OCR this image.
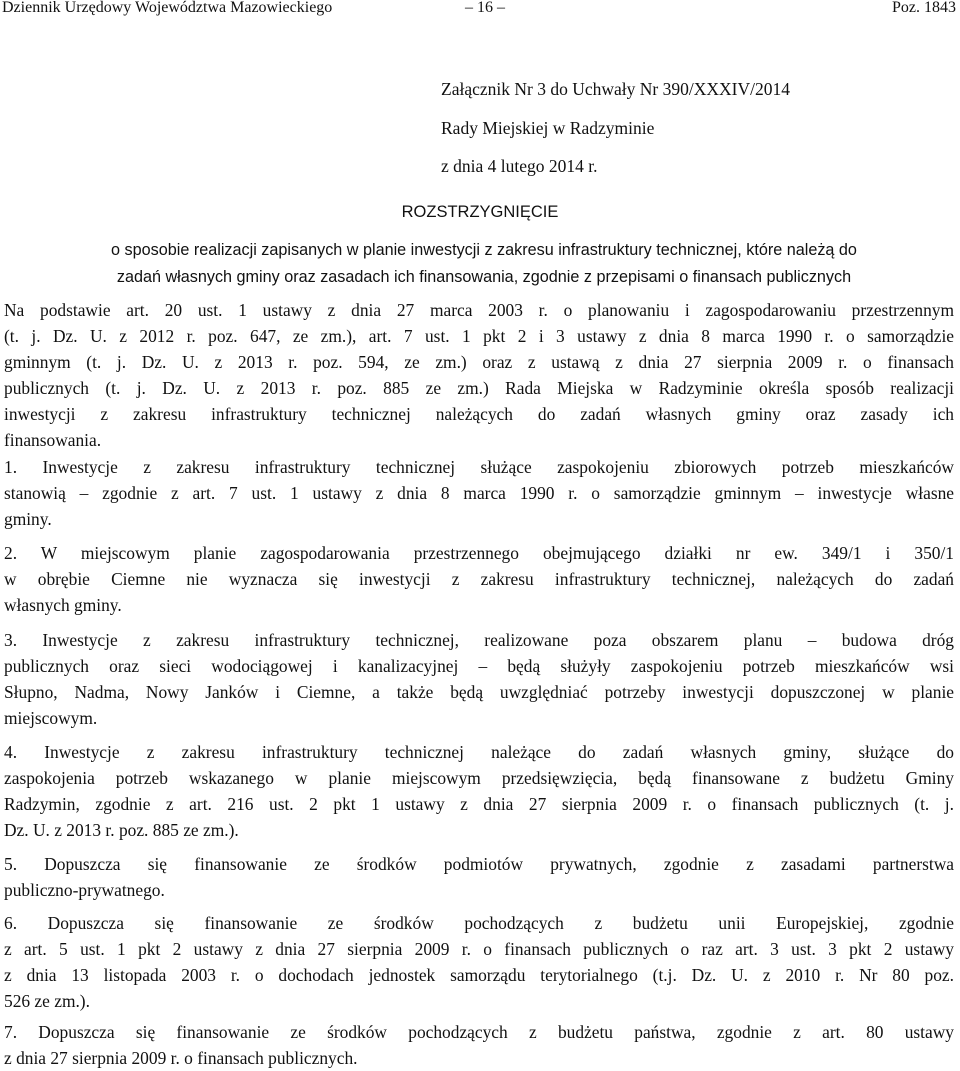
Dziennik Urzędowy Województwa Mazowieckiego	– 16 –	Poz. 1843
Załącznik Nr 3 do Uchwały Nr 390/XXXIV/2014
Rady Miejskiej w Radzyminie
z dnia 4 lutego 2014 r.
ROZSTRZYGNIĘCIE
o sposobie realizacji zapisanych w planie inwestycji z zakresu infrastruktury technicznej, które należą do
zadań własnych gminy oraz zasadach ich finansowania, zgodnie z przepisami o finansach publicznych
Na podstawie art. 20 ust. 1 ustawy z dnia 27 marca 2003 r. o planowaniu i zagospodarowaniu przestrzennym
(t. j. Dz. U. z 2012 r. poz. 647, ze zm.), art. 7 ust. 1 pkt 2 i 3 ustawy z dnia 8 marca 1990 r. o samorządzie
gminnym (t. j. Dz. U. z 2013 r. poz. 594, ze zm.) oraz z ustawą z dnia 27 sierpnia 2009 r. o finansach
publicznych (t. j. Dz. U. z 2013 r. poz. 885 ze zm.) Rada Miejska w Radzyminie określa sposób realizacji
inwestycji z zakresu infrastruktury technicznej należących do zadań własnych gminy oraz zasady ich
finansowania.
1. Inwestycje z zakresu infrastruktury technicznej służące zaspokojeniu zbiorowych potrzeb mieszkańców
stanowią – zgodnie z art. 7 ust. 1 ustawy z dnia 8 marca 1990 r. o samorządzie gminnym – inwestycje własne
gminy.
2. W miejscowym planie zagospodarowania przestrzennego obejmującego działki nr ew. 349/1 i 350/1
w obrębie Ciemne nie wyznacza się inwestycji z zakresu infrastruktury technicznej, należących do zadań
własnych gminy.
3. Inwestycje z zakresu infrastruktury technicznej, realizowane poza obszarem planu – budowa dróg
publicznych oraz sieci wodociągowej i kanalizacyjnej – będą służyły zaspokojeniu potrzeb mieszkańców wsi
Słupno, Nadma, Nowy Janków i Ciemne, a także będą uwzględniać potrzeby inwestycji dopuszczonej w planie
miejscowym.
4. Inwestycje z zakresu infrastruktury technicznej należące do zadań własnych gminy, służące do
zaspokojenia potrzeb wskazanego w planie miejscowym przedsięwzięcia, będą finansowane z budżetu Gminy
Radzymin, zgodnie z art. 216 ust. 2 pkt 1 ustawy z dnia 27 sierpnia 2009 r. o finansach publicznych (t. j.
Dz. U. z 2013 r. poz. 885 ze zm.).
5. Dopuszcza się finansowanie ze środków podmiotów prywatnych, zgodnie z zasadami partnerstwa
publiczno-prywatnego.
6. Dopuszcza się finansowanie ze środków pochodzących z budżetu unii Europejskiej, zgodnie
z art. 5 ust. 1 pkt 2 ustawy z dnia 27 sierpnia 2009 r. o finansach publicznych o raz art. 3 ust. 3 pkt 2 ustawy
z dnia 13 listopada 2003 r. o dochodach jednostek samorządu terytorialnego (t.j. Dz. U. z 2010 r. Nr 80 poz.
526 ze zm.).
7. Dopuszcza się finansowanie ze środków pochodzących z budżetu państwa, zgodnie z art. 80 ustawy
z dnia 27 sierpnia 2009 r. o finansach publicznych.
